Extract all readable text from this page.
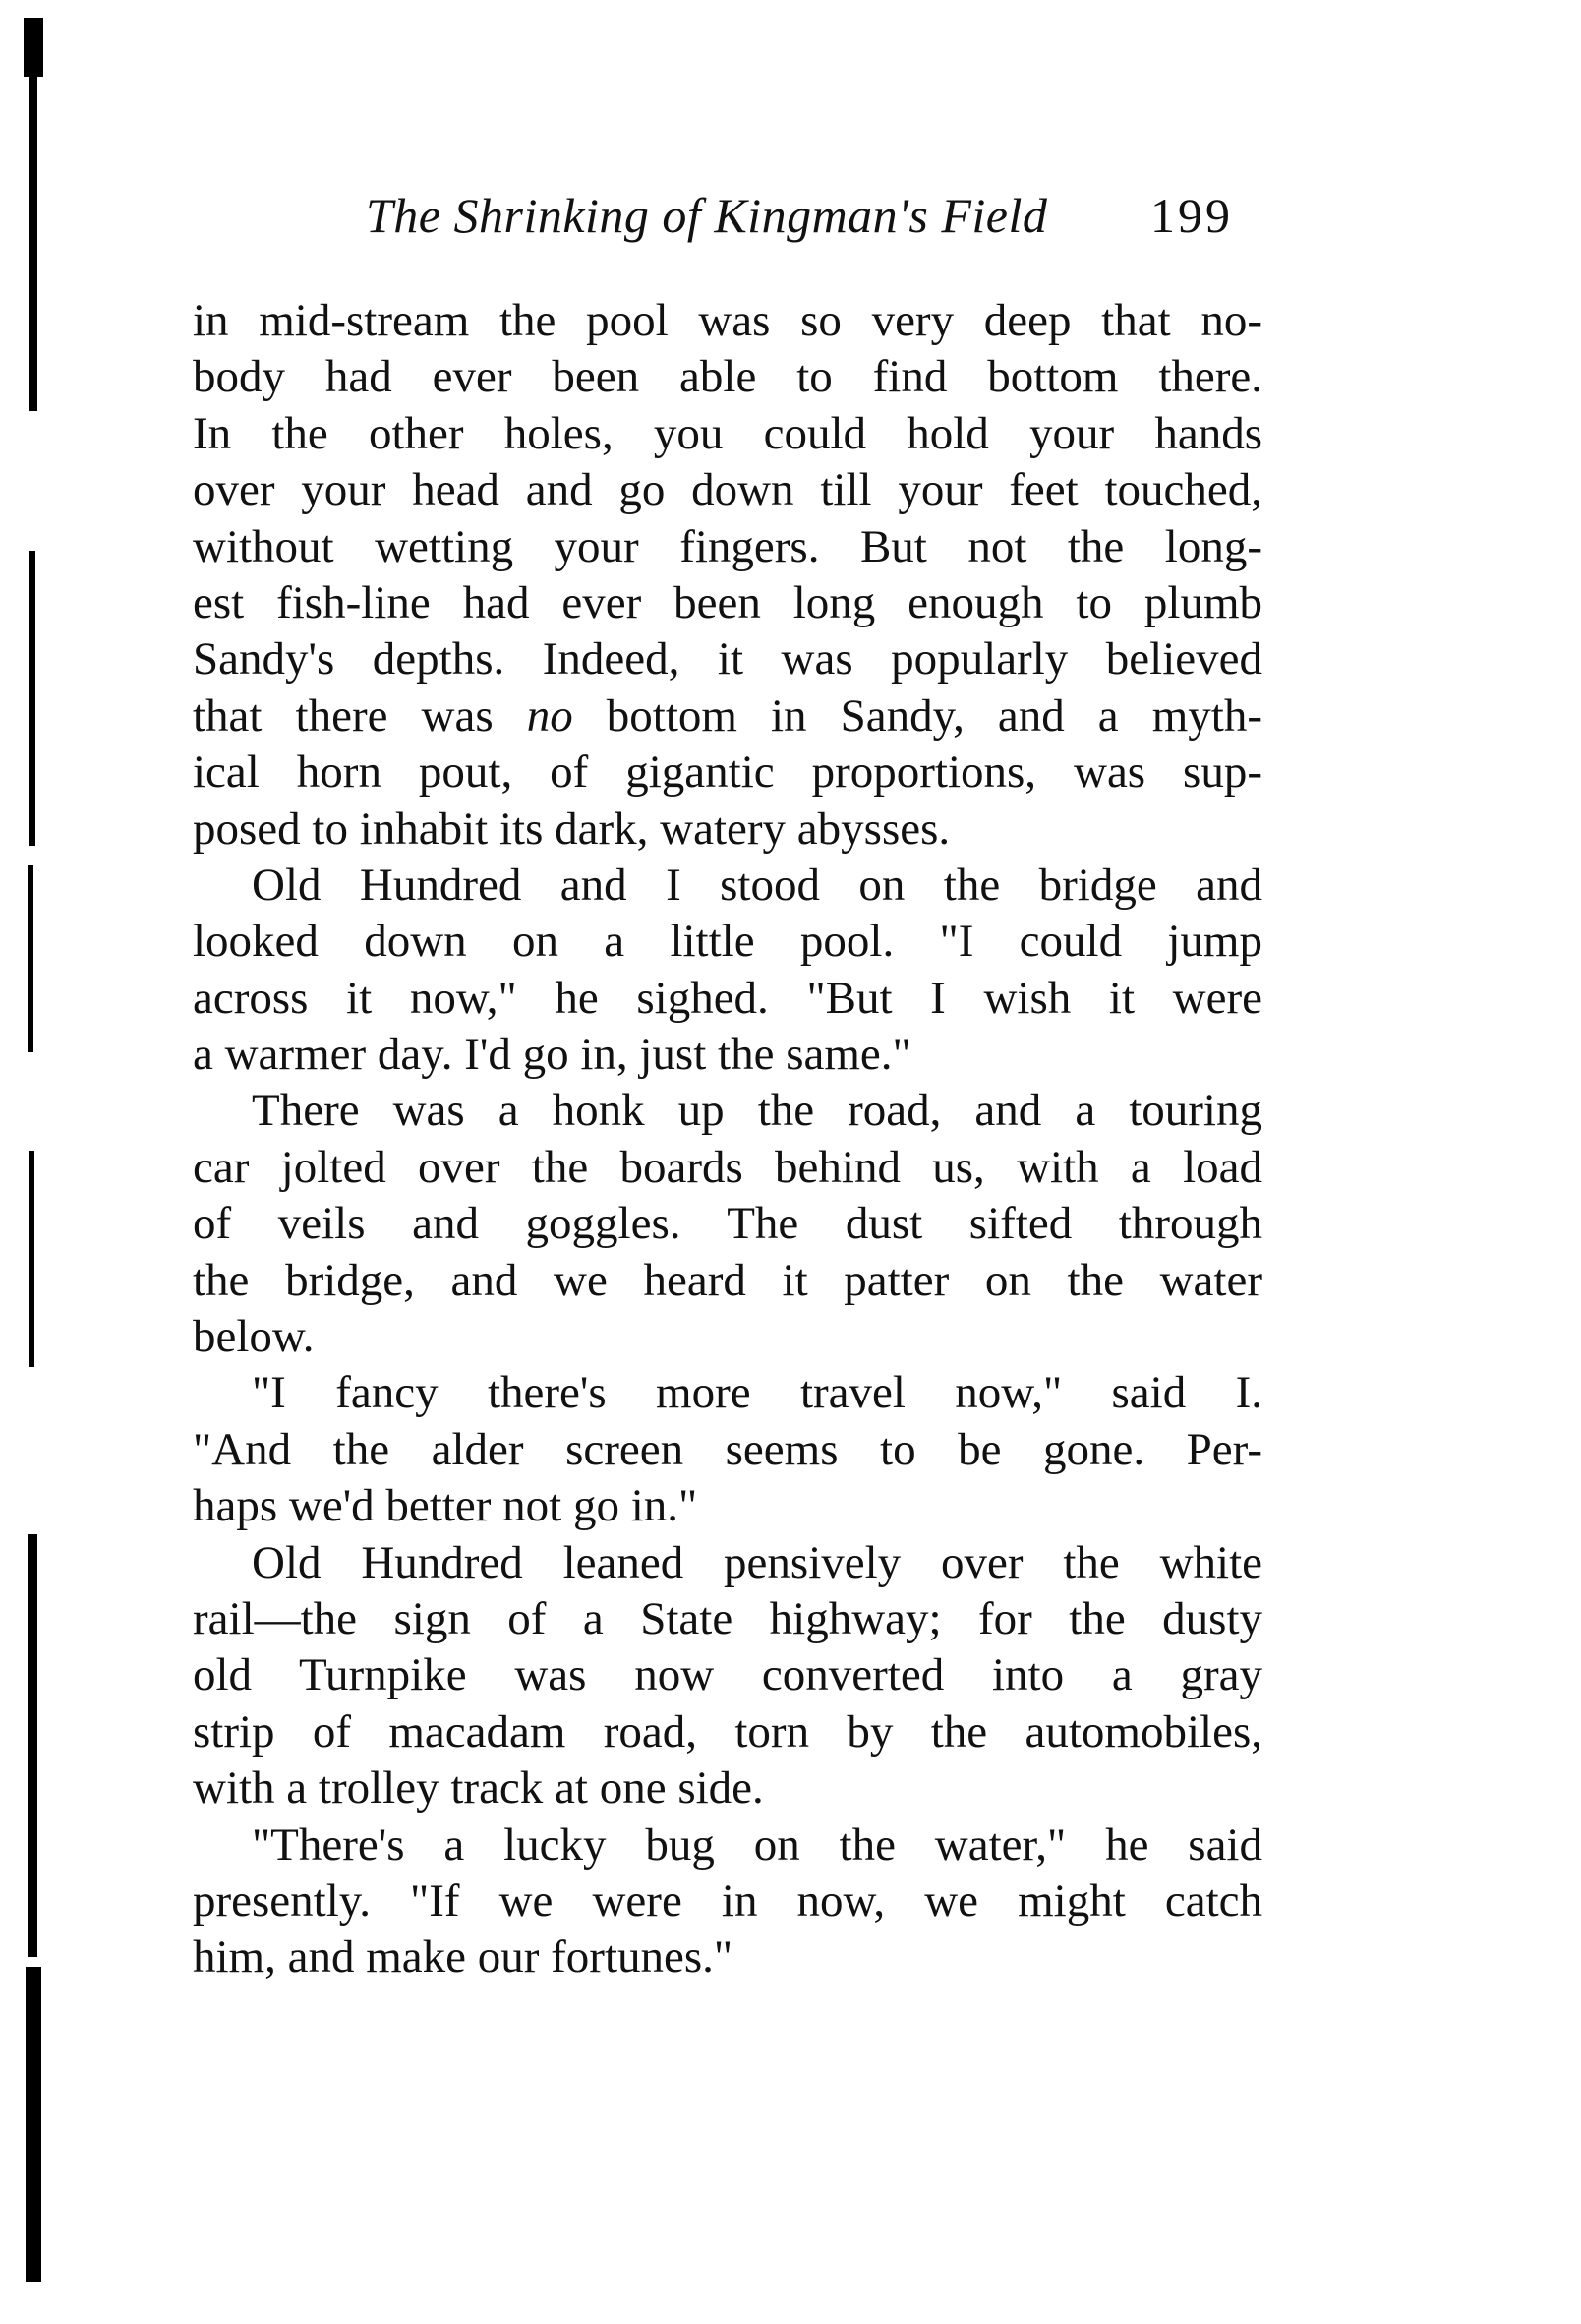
The Shrinking of Kingman's Field 199
in mid-stream the pool was so very deep that no-
body had ever been able to find bottom there.
In the other holes, you could hold your hands
over your head and go down till your feet touched,
without wetting your fingers. But not the long-
est fish-line had ever been long enough to plumb
Sandy's depths. Indeed, it was popularly believed
that there was no bottom in Sandy, and a myth-
ical horn pout, of gigantic proportions, was sup-
posed to inhabit its dark, watery abysses.
Old Hundred and I stood on the bridge and
looked down on a little pool. "I could jump
across it now," he sighed. "But I wish it were
a warmer day. I'd go in, just the same."
There was a honk up the road, and a touring
car jolted over the boards behind us, with a load
of veils and goggles. The dust sifted through
the bridge, and we heard it patter on the water
below.
"I fancy there's more travel now," said I.
"And the alder screen seems to be gone. Per-
haps we'd better not go in."
Old Hundred leaned pensively over the white
rail—the sign of a State highway; for the dusty
old Turnpike was now converted into a gray
strip of macadam road, torn by the automobiles,
with a trolley track at one side.
"There's a lucky bug on the water," he said
presently. "If we were in now, we might catch
him, and make our fortunes."
